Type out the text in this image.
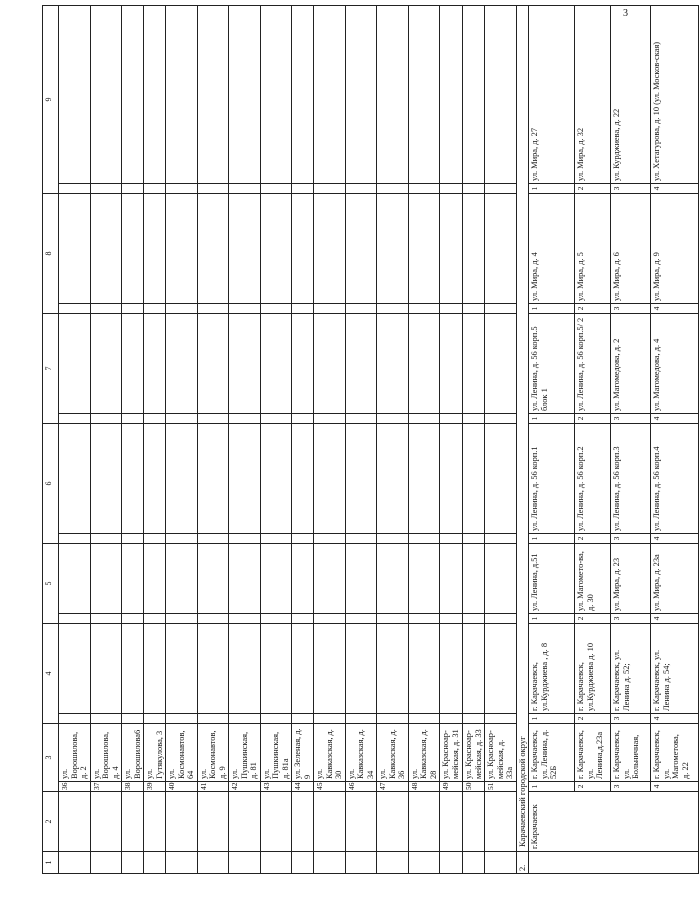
3
1	2	3		4		5		6		7		8		9	
		36	ул. Ворошилова, д. 2												
		37	ул. Ворошилова, д. 4												
		38	ул. Ворошилова6												
		39	ул. Гутякулова, 3												
		40	ул. Космонавтов, 64												
		41	ул. Космонавтов, д. 9												
		42	ул. Пушкинская, д. 81												
		43	ул. Пушкинская, д. 81а												
		44	ул. Зеленая, д. 9												
		45	ул. Кавказская, д. 30												
		46	ул. Кавказская, д. 34												
		47	ул. Кавказская, д. 36												
		48	ул. Кавказская, д. 28												
		49	ул. Краснoар-мейская, д. 31												
		50	ул. Краснoар-мейская, д. 33												
		51	ул. Краснoар-мейская, д. 33а												
2.	Карачаевский городской округ														
	г.Карачаевск	1	г. Карачаевск, ул. Ленина, д. 52Б	1	г. Карачаевск, ул.Курджиева , д. 8	1	ул. Ленина, д.51	1	ул. Ленина, д. 56 корп.1	1	ул. Ленина, д. 56 корп.5 блок 1	1	ул. Мира, д. 4	1	ул. Мира, д. 27
		2	г. Карачаевск, ул. Ленина,д.23а	2	г. Карачаевск, ул.Курджиева д. 10	2	ул. Магомето-ва, д. 30	2	ул. Ленина, д. 56 корп.2	2	ул. Ленина, д. 56 корп.5/ 2	2	ул. Мира, д. 5	2	ул. Мира, д. 32
		3	г. Карачаевск, ул. Больничная,	3	г. Карачаевск, ул. Ленина д. 52;	3	ул. Мира, д. 23	3	ул. Ленина, д. 56 корп.3	3	ул. Магомедова, д. 2	3	ул. Мира, д. 6	3	ул. Курджиева, д. 22
		4	г. Карачаевск, ул. Магометова, д. 22	4	г. Карачаевск, ул. Ленина д. 54;	4	ул. Мира, д. 23а	4	ул. Ленина, д. 56 корп.4	4	ул. Магомедова, д. 4	4	ул. Мира, д. 9	4	ул. Хетагурова, д. 10 (ул. Москов-ская)
